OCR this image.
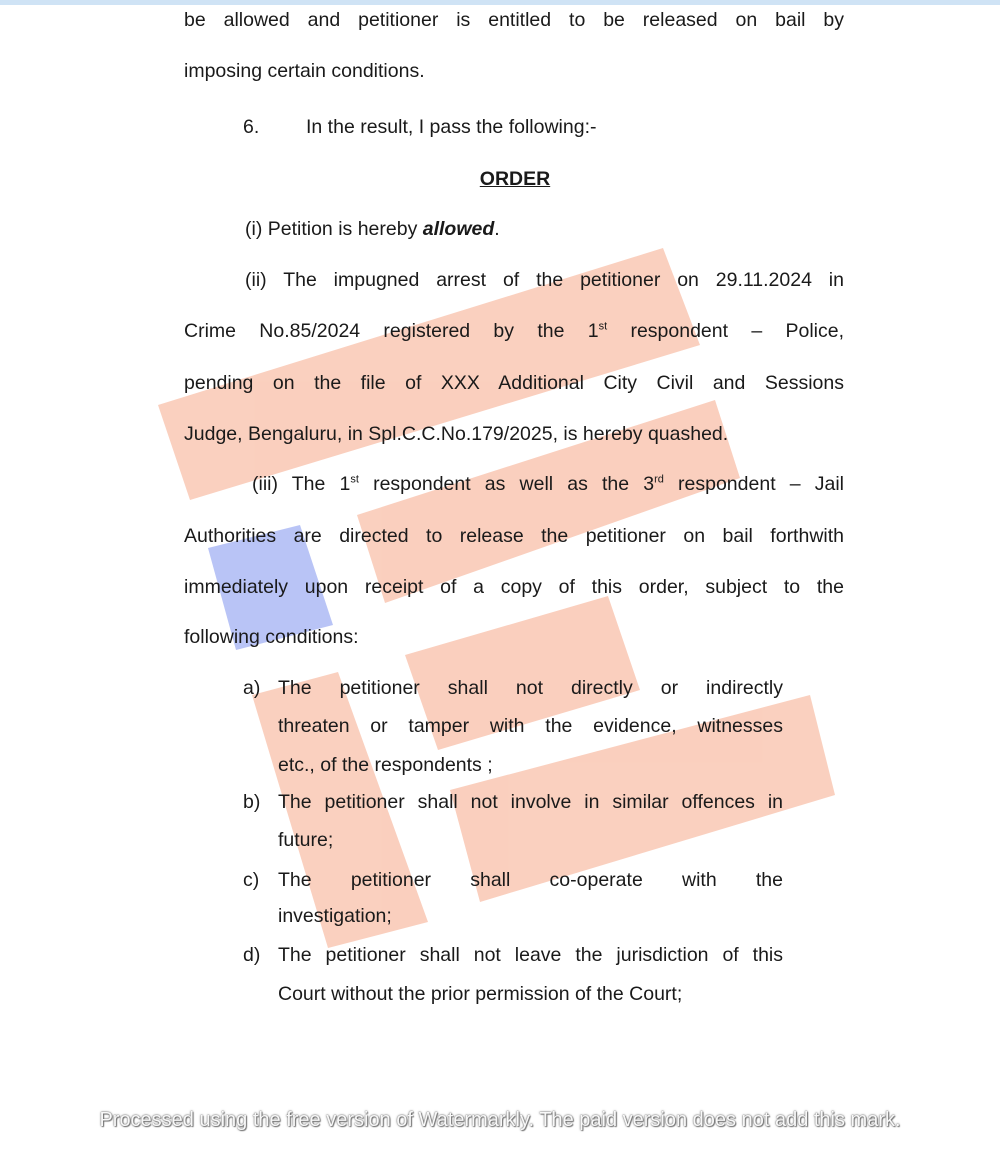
be allowed and petitioner is entitled to be released on bail by
imposing certain conditions.
6. In the result, I pass the following:-
ORDER
(i) Petition is hereby allowed.
(ii) The impugned arrest of the petitioner on 29.11.2024 in
Crime No.85/2024 registered by the 1st respondent – Police,
pending on the file of XXX Additional City Civil and Sessions
Judge, Bengaluru, in Spl.C.C.No.179/2025, is hereby quashed.
(iii) The 1st respondent as well as the 3rd respondent – Jail
Authorities are directed to release the petitioner on bail forthwith
immediately upon receipt of a copy of this order, subject to the
following conditions:
a) The petitioner shall not directly or indirectly
threaten or tamper with the evidence, witnesses
etc., of the respondents ;
b) The petitioner shall not involve in similar offences in
future;
c) The petitioner shall co-operate with the
investigation;
d) The petitioner shall not leave the jurisdiction of this
Court without the prior permission of the Court;
Processed using the free version of Watermarkly. The paid version does not add this mark.
